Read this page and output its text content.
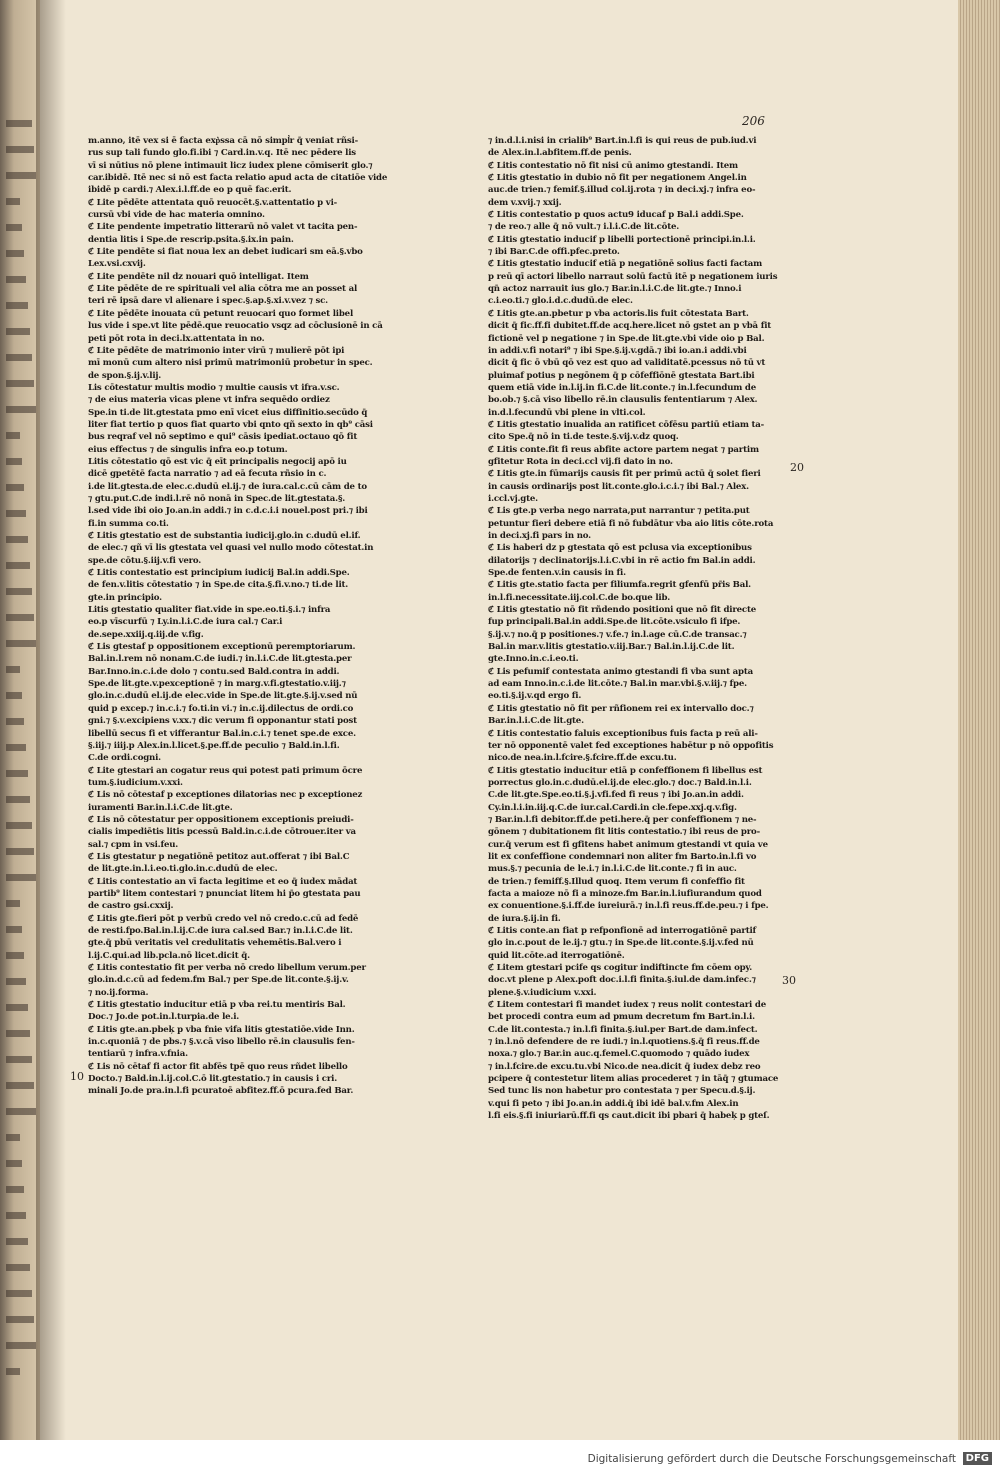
206
20
30
10
m.anno, itē vex si ē facta exp͛ssa cā nō simpl͛r q̄ veniat rñsi-
rus sup tali fundo glo.fi.ibi ⁊ Card.in.v.q. Itē nec pēdere lis
vī si nūtius nō plene intimauit licz iudex plene cōmiserit glo.⁊
car.ibidē. Itē nec si nō est facta relatio apud acta de citatiōe vide
ibidē p cardi.⁊ Alex.i.l.ff.de eo p quē fac.erit.
ℭ Lite pēdēte attentata quō reuocēt.§.v.attentatio p vi-
cursū vbi vide de hac materia omnino.
ℭ Lite pendente impetratio litterarū nō valet vt tacita pen-
dentia litis i Spe.de rescrip.psita.§.ix.in pain.
ℭ Lite pendēte si fiat noua lex an debet iudicari sm eā.§.vbo
Lex.vsi.cxvij.
ℭ Lite pendēte nil dz nouari quō intelligat. Item
ℭ Lite pēdēte de re spirituali vel alia cōtra me an posset al
teri rē ipsā dare vl alienare i spec.§.ap.§.xi.v.vez ⁊ sc.
ℭ Lite pēdēte inouata cū petunt reuocari quo formet libel
lus vide i spe.vt lite pēdē.que reuocatio vsqz ad cōclusionē in cā
peti pōt rota in deci.lx.attentata in no.
ℭ Lite pēdēte de matrimonio inter virū ⁊ mulierē pōt ipi
mī monū cum altero nisi primū matrimoniū probetur in spec.
de spon.§.ij.v.lij.
Lis cōtestatur multis modio ⁊ multie causis vt ifra.v.sc.
⁊ de eius materia vicas plene vt infra sequēdo ordiez
Spe.in ti.de lit.gtestata pmo enī vicet eius diffinitio.secūdo q̄
liter fiat tertio p quos fiat quarto vbi qnto qñ sexto in qb⁹ cāsi
bus reqraf vel nō septimo e qui⁹ cāsis ipediat.octauo qō fit
eius effectus ⁊ de singulis infra eo.p totum.
Litis cōtestatio qō est vic q̄ eīt principalis negocij apō iu
dicē gpetētē facta narratio ⁊ ad eā fecuta rñsio in c.
i.de lit.gtesta.de elec.c.dudū el.ij.⁊ de iura.cal.c.cū cām de to
⁊ gtu.put.C.de indi.l.rē nō nonā in Spec.de lit.gtestata.§.
l.sed vide ibi oio Jo.an.in addi.⁊ in c.d.c.i.i nouel.post pri.⁊ ibi
fi.in summa co.ti.
ℭ Litis gtestatio est de substantia iudicij.glo.in c.dudū el.if.
de elec.⁊ qñ vī lis gtestata vel quasi vel nullo modo cōtestat.in
spe.de cōtu.§.iij.v.fi vero.
ℭ Litis contestatio est principium iudicij Bal.in addi.Spe.
de fen.v.litis cōtestatio ⁊ in Spe.de cita.§.fi.v.no.⁊ ti.de lit.
gte.in principio.
Litis gtestatio qualiter fiat.vide in spe.eo.ti.§.i.⁊ infra
eo.p vīscurfū ⁊ Ly.in.l.i.C.de iura cal.⁊ Car.i
de.sepe.xxiij.q.iij.de v.fig.
ℭ Lis gtestaf p oppositionem exceptionū peremptoriarum.
Bal.in.l.rem nō nonam.C.de iudi.⁊ in.l.i.C.de lit.gtesta.per
Bar.Inno.in.c.i.de dolo ⁊ contu.sed Bald.contra in addi.
Spe.de lit.gte.v.pexceptionē ⁊ in marg.v.fi.gtestatio.v.iij.⁊
glo.in.c.dudū el.ij.de elec.vide in Spe.de lit.gte.§.ij.v.sed nū
quid p excep.⁊ in.c.i.⁊ fo.ti.in vi.⁊ in.c.ij.dilectus de ordi.co
gni.⁊ §.v.excipiens v.xx.⁊ dic verum fi opponantur stati post
libellū secus fi et vifferantur Bal.in.c.i.⁊ tenet spe.de exce.
§.iij.⁊ iiij.p Alex.in.l.licet.§.pe.ff.de peculio ⁊ Bald.in.l.fi.
C.de ordi.cogni.
ℭ Lite gtestari an cogatur reus qui potest pati primum ōcre
tum.§.iudicium.v.xxi.
ℭ Lis nō cōtestaf p exceptiones dilatorias nec p exceptionez
iuramenti Bar.in.l.i.C.de lit.gte.
ℭ Lis nō cōtestatur per oppositionem exceptionis preiudi-
cialis impediētis litis pcessū Bald.in.c.i.de cōtrouer.iter va
sal.⁊ cpm in vsi.feu.
ℭ Lis gtestatur p negatiōnē petitoz aut.offerat ⁊ ibi Bal.C
de lit.gte.in.l.i.eo.ti.glo.in.c.dudū de elec.
ℭ Litis contestatio an vī facta legitime et eo q̄ iudex mādat
partib⁹ litem contestari ⁊ pnunciat litem hi p̄o gtestata pau
de castro gsi.cxxij.
ℭ Litis gte.fieri pōt p verbū credo vel nō credo.c.cū ad fedē
de resti.fpo.Bal.in.l.ij.C.de iura cal.sed Bar.⁊ in.l.i.C.de lit.
gte.q̄ pbū veritatis vel credulitatis vehemētis.Bal.vero i
l.ij.C.qui.ad lib.pcla.nō licet.dicit q̄.
ℭ Litis contestatio fit per verba nō credo libellum verum.per
glo.in.d.c.cū ad fedem.fm Bal.⁊ per Spe.de lit.conte.§.ij.v.
⁊ no.ij.forma.
ℭ Litis gtestatio inducitur etiā p vba rei.tu mentiris Bal.
Doc.⁊ Jo.de pot.in.l.turpia.de le.i.
ℭ Litis gte.an.pbeķ p vba fnie vifa litis gtestatiōe.vide Inn.
in.c.quoniā ⁊ de pbs.⁊ §.v.cā viso libello rē.in clausulis fen-
tentiarū ⁊ infra.v.fnia.
ℭ Lis nō cētaf fi actor fit abfēs tpē quo reus rñdet libello
Docto.⁊ Bald.in.l.ij.col.C.ō lit.gtestatio.⁊ in causis i cri.
minali Jo.de pra.in.l.fi pcuratoē abfitez.ff.ō pcura.fed Bar.
⁊ in.d.l.i.nisi in crialib⁹ Bart.in.l.fi is qui reus de pub.iud.vi
de Alex.in.l.abfitem.ff.de penis.
ℭ Litis contestatio nō fit nisi cū animo gtestandi. Item
ℭ Litis gtestatio in dubio nō fit per negationem Angel.in
auc.de trien.⁊ femif.§.illud col.ij.rota ⁊ in deci.xj.⁊ infra eo-
dem v.xvij.⁊ xxij.
ℭ Litis contestatio p quos actu9 iducaf p Bal.i addi.Spe.
⁊ de reo.⁊ alle q̄ nō vult.⁊ i.l.i.C.de lit.cōte.
ℭ Litis gtestatio inducif p libelli portectionē principi.in.l.i.
⁊ ibi Bar.C.de offi.pfec.preto.
ℭ Litis gtestatio inducif etiā p negatiōnē solius facti factam
p reū qī actori libello narraut solū factū itē p negationem iuris
qn̄ actoz narrauit ius glo.⁊ Bar.in.l.i.C.de lit.gte.⁊ Inno.i
c.i.eo.ti.⁊ glo.i.d.c.dudū.de elec.
ℭ Litis gte.an.pbetur p vba actoris.lis fuit cōtestata Bart.
dicit q̄ fic.ff.fi dubitet.ff.de acq.here.licet nō gstet an p vbā fit
fictionē vel p negatione ⁊ in Spe.de lit.gte.vbi vide oio p Bal.
in addi.v.fi notari⁹ ⁊ ibi Spe.§.ij.v.gdā.⁊ ibi io.an.i addi.vbi
dicit q̄ fic ō vbū qō vez est quo ad validitatē.pcessus nō tū vt
pluimaf potius p negōnem q̄ p cōfeffiōnē gtestata Bart.ibi
quem etiā vide in.l.ij.in fi.C.de lit.conte.⁊ in.l.fecundum de
bo.ob.⁊ §.cā viso libello rē.in clausulis fententiarum ⁊ Alex.
in.d.l.fecundū vbi plene in vlti.col.
ℭ Litis gtestatio inualida an ratificet cōfēsu partiū etiam ta-
cito Spe.q̄ nō in ti.de teste.§.vij.v.dz quoq.
ℭ Litis conte.fit fi reus abfite actore partem negat ⁊ partim
gfitetur Rota in deci.ccl vij.fi dato in no.
ℭ Litis gte.in fūmarijs causis fit per primū actū q̄ solet fieri
in causis ordinarijs post lit.conte.glo.i.c.i.⁊ ibi Bal.⁊ Alex.
i.ccl.vj.gte.
ℭ Lis gte.p verba nego narrata,put narrantur ⁊ petita.put
petuntur fieri debere etiā fi nō fubdātur vba aio litis cōte.rota
in deci.xj.fi pars in no.
ℭ Lis haberi dz p gtestata qō est pclusa via exceptionibus
dilatorijs ⁊ declinatorijs.l.i.C.vbi in rē actio fm Bal.in addi.
Spe.de fenten.v.in causis in fi.
ℭ Litis gte.statio facta per filiumfa.regrit gfenfū pr̄is Bal.
in.l.fi.necessitate.iij.col.C.de bo.que lib.
ℭ Litis gtestatio nō fit rñdendo positioni que nō fit directe
fup principali.Bal.in addi.Spe.de lit.cōte.vsiculo fi ifpe.
§.ij.v.⁊ no.q̄ p positiones.⁊ v.fe.⁊ in.l.age cū.C.de transac.⁊
Bal.in mar.v.litis gtestatio.v.iij.Bar.⁊ Bal.in.l.ij.C.de lit.
gte.Inno.in.c.i.eo.ti.
ℭ Lis pefumif contestata animo gtestandi fi vba sunt apta
ad eam Inno.in.c.i.de lit.cōte.⁊ Bal.in mar.vbi.§.v.iij.⁊ fpe.
eo.ti.§.ij.v.qd ergo fi.
ℭ Litis gtestatio nō fit per rñfionem rei ex intervallo doc.⁊
Bar.in.l.i.C.de lit.gte.
ℭ Litis contestatio faluis exceptionibus fuis facta p reū ali-
ter nō opponentē valet fed exceptiones habētur p nō oppofitis
nico.de nea.in.l.fcire.§.fcire.ff.de excu.tu.
ℭ Litis gtestatio inducitur etiā p confeffionem fi libellus est
porrectus glo.in.c.dudū.el.ij.de elec.glo.⁊ doc.⁊ Bald.in.l.i.
C.de lit.gte.Spe.eo.ti.§.j.vfi.fed fi reus ⁊ ibi Jo.an.in addi.
Cy.in.l.i.in.iij.q.C.de iur.cal.Cardi.in cle.fepe.xxj.q.v.fig.
⁊ Bar.in.l.fi debitor.ff.de peti.here.q̄ per confeffionem ⁊ ne-
gōnem ⁊ dubitationem fit litis contestatio.⁊ ibi reus de pro-
cur.q̄ verum est fi gfitens habet animum gtestandi vt quia ve
lit ex confeffione condemnari non aliter fm Barto.in.l.fi vo
mus.§.⁊ pecunia de le.i.⁊ in.l.i.C.de lit.conte.⁊ fi in auc.
de trien.⁊ femiff.§.Illud quoq. Item verum fi confeffio fit
facta a maioze nō fi a minoze.fm Bar.in.l.iufiurandum quod
ex conuentione.§.i.ff.de iureiurā.⁊ in.l.fi reus.ff.de.peu.⁊ i fpe.
de iura.§.ij.in fi.
ℭ Litis conte.an fiat p refponfionē ad interrogatiōnē partif
glo in.c.pout de le.ij.⁊ gtu.⁊ in Spe.de lit.conte.§.ij.v.fed nū
quid lit.cōte.ad iterrogatiōnē.
ℭ Litem gtestari pcife qs cogitur indiftincte fm cōem opy.
doc.vt plene p Alex.poft doc.i.l.fi finita.§.iul.de dam.infec.⁊
plene.§.v.iudicium v.xxi.
ℭ Litem contestari fi mandet iudex ⁊ reus nolit contestari de
bet procedi contra eum ad pmum decretum fm Bart.in.l.i.
C.de lit.contesta.⁊ in.l.fi finita.§.iul.per Bart.de dam.infect.
⁊ in.l.nō defendere de re iudi.⁊ in.l.quotiens.§.q̄ fi reus.ff.de
noxa.⁊ glo.⁊ Bar.in auc.q.femel.C.quomodo ⁊ quādo iudex
⁊ in.l.fcire.de excu.tu.vbi Nico.de nea.dicit q̄ iudex debz reo
pcipere q̄ contestetur litem alias procederet ⁊ in tāq̄ ⁊ gtumace
Sed tunc lis non habetur pro contestata ⁊ per Specu.d.§.ij.
v.qui fi peto ⁊ ibi Jo.an.in addi.q̄ ibi idē bal.v.fm Alex.in
l.fi eis.§.fi iniuriarū.ff.fi qs caut.dicit ibi pbari q̄ habeķ p gteſ.
Digitalisierung gefördert durch die Deutsche Forschungsgemeinschaft DFG
